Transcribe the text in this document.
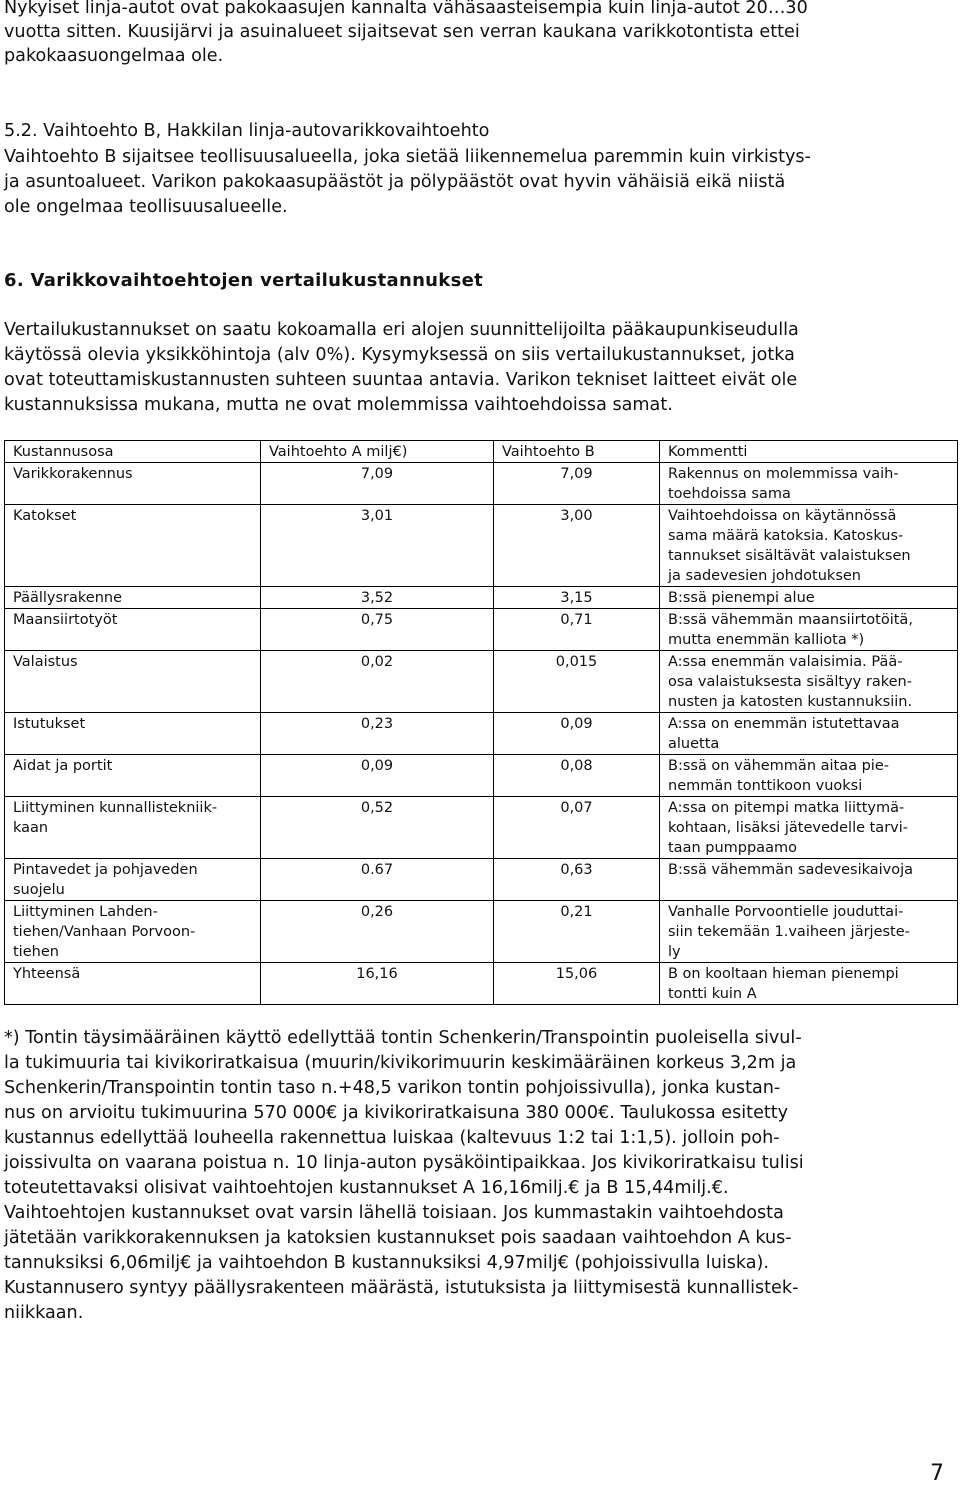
Nykyiset linja-autot ovat pakokaasujen kannalta vähäsaasteisempia kuin linja-autot 20…30
vuotta sitten. Kuusijärvi ja asuinalueet sijaitsevat sen verran kaukana varikkotontista ettei
pakokaasuongelmaa ole.
5.2. Vaihtoehto B, Hakkilan linja-autovarikkovaihtoehto
Vaihtoehto B sijaitsee teollisuusalueella, joka sietää liikennemelua paremmin kuin virkistys-
ja asuntoalueet. Varikon pakokaasupäästöt ja pölypäästöt ovat hyvin vähäisiä eikä niistä
ole ongelmaa teollisuusalueelle.
6. Varikkovaihtoehtojen vertailukustannukset
Vertailukustannukset on saatu kokoamalla eri alojen suunnittelijoilta pääkaupunkiseudulla
käytössä olevia yksikköhintoja (alv 0%). Kysymyksessä on siis vertailukustannukset, jotka
ovat toteuttamiskustannusten suhteen suuntaa antavia. Varikon tekniset laitteet eivät ole
kustannuksissa mukana, mutta ne ovat molemmissa vaihtoehdoissa samat.
Kustannusosa	Vaihtoehto A milj€)	Vaihtoehto B	Kommentti
Varikkorakennus	7,09	7,09	Rakennus on molemmissa vaih-
toehdoissa sama
Katokset	3,01	3,00	Vaihtoehdoissa on käytännössä
sama määrä katoksia. Katoskus-
tannukset sisältävät valaistuksen
ja sadevesien johdotuksen
Päällysrakenne	3,52	3,15	B:ssä pienempi alue
Maansiirtotyöt	0,75	0,71	B:ssä vähemmän maansiirtotöitä,
mutta enemmän kalliota *)
Valaistus	0,02	0,015	A:ssa enemmän valaisimia. Pää-
osa valaistuksesta sisältyy raken-
nusten ja katosten kustannuksiin.
Istutukset	0,23	0,09	A:ssa on enemmän istutettavaa
aluetta
Aidat ja portit	0,09	0,08	B:ssä on vähemmän aitaa pie-
nemmän tonttikoon vuoksi
Liittyminen kunnallistekniik-
kaan	0,52	0,07	A:ssa on pitempi matka liittymä-
kohtaan, lisäksi jätevedelle tarvi-
taan pumppaamo
Pintavedet ja pohjaveden
suojelu	0.67	0,63	B:ssä vähemmän sadevesikaivoja
Liittyminen Lahden-
tiehen/Vanhaan Porvoon-
tiehen	0,26	0,21	Vanhalle Porvoontielle jouduttai-
siin tekemään 1.vaiheen järjeste-
ly
Yhteensä	16,16	15,06	B on kooltaan hieman pienempi
tontti kuin A
*) Tontin täysimääräinen käyttö edellyttää tontin Schenkerin/Transpointin puoleisella sivul-
la tukimuuria tai kivikoriratkaisua (muurin/kivikorimuurin keskimääräinen korkeus 3,2m ja
Schenkerin/Transpointin tontin taso n.+48,5 varikon tontin pohjoissivulla), jonka kustan-
nus on arvioitu tukimuurina 570 000€ ja kivikoriratkaisuna 380 000€. Taulukossa esitetty
kustannus edellyttää louheella rakennettua luiskaa (kaltevuus 1:2 tai 1:1,5). jolloin poh-
joissivulta on vaarana poistua n. 10 linja-auton pysäköintipaikkaa. Jos kivikoriratkaisu tulisi
toteutettavaksi olisivat vaihtoehtojen kustannukset A 16,16milj.€ ja B 15,44milj.€.
Vaihtoehtojen kustannukset ovat varsin lähellä toisiaan. Jos kummastakin vaihtoehdosta
jätetään varikkorakennuksen ja katoksien kustannukset pois saadaan vaihtoehdon A kus-
tannuksiksi 6,06milj€ ja vaihtoehdon B kustannuksiksi 4,97milj€ (pohjoissivulla luiska).
Kustannusero syntyy päällysrakenteen määrästä, istutuksista ja liittymisestä kunnallistek-
niikkaan.
7
